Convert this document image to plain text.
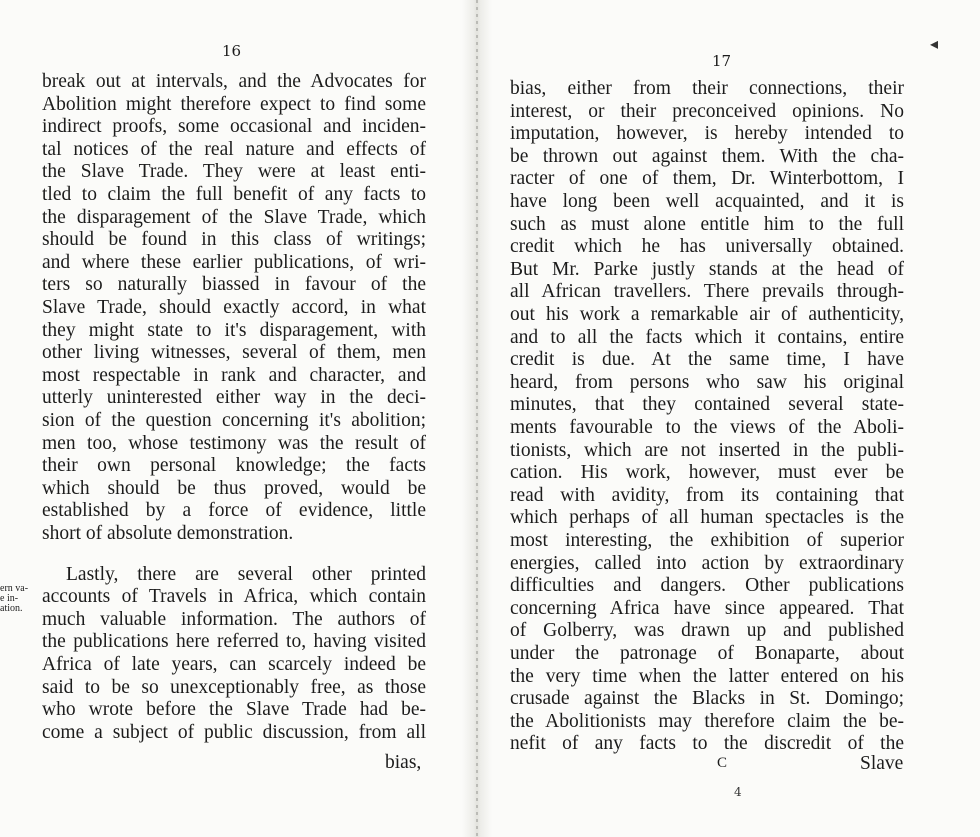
16
break out at intervals, and the Advocates for
Abolition might therefore expect to find some
indirect proofs, some occasional and inciden-
tal notices of the real nature and effects of
the Slave Trade. They were at least enti-
tled to claim the full benefit of any facts to
the disparagement of the Slave Trade, which
should be found in this class of writings;
and where these earlier publications, of wri-
ters so naturally biassed in favour of the
Slave Trade, should exactly accord, in what
they might state to it's disparagement, with
other living witnesses, several of them, men
most respectable in rank and character, and
utterly uninterested either way in the deci-
sion of the question concerning it's abolition;
men too, whose testimony was the result of
their own personal knowledge; the facts
which should be thus proved, would be
established by a force of evidence, little
short of absolute demonstration.
Lastly, there are several other printed
accounts of Travels in Africa, which contain
much valuable information. The authors of
the publications here referred to, having visited
Africa of late years, can scarcely indeed be
said to be so unexceptionably free, as those
who wrote before the Slave Trade had be-
come a subject of public discussion, from all
ern va-
e in-
ation.
bias,
17
bias, either from their connections, their
interest, or their preconceived opinions. No
imputation, however, is hereby intended to
be thrown out against them. With the cha-
racter of one of them, Dr. Winterbottom, I
have long been well acquainted, and it is
such as must alone entitle him to the full
credit which he has universally obtained.
But Mr. Parke justly stands at the head of
all African travellers. There prevails through-
out his work a remarkable air of authenticity,
and to all the facts which it contains, entire
credit is due. At the same time, I have
heard, from persons who saw his original
minutes, that they contained several state-
ments favourable to the views of the Aboli-
tionists, which are not inserted in the publi-
cation. His work, however, must ever be
read with avidity, from its containing that
which perhaps of all human spectacles is the
most interesting, the exhibition of superior
energies, called into action by extraordinary
difficulties and dangers. Other publications
concerning Africa have since appeared. That
of Golberry, was drawn up and published
under the patronage of Bonaparte, about
the very time when the latter entered on his
crusade against the Blacks in St. Domingo;
the Abolitionists may therefore claim the be-
nefit of any facts to the discredit of the
C	Slave
4
◂
